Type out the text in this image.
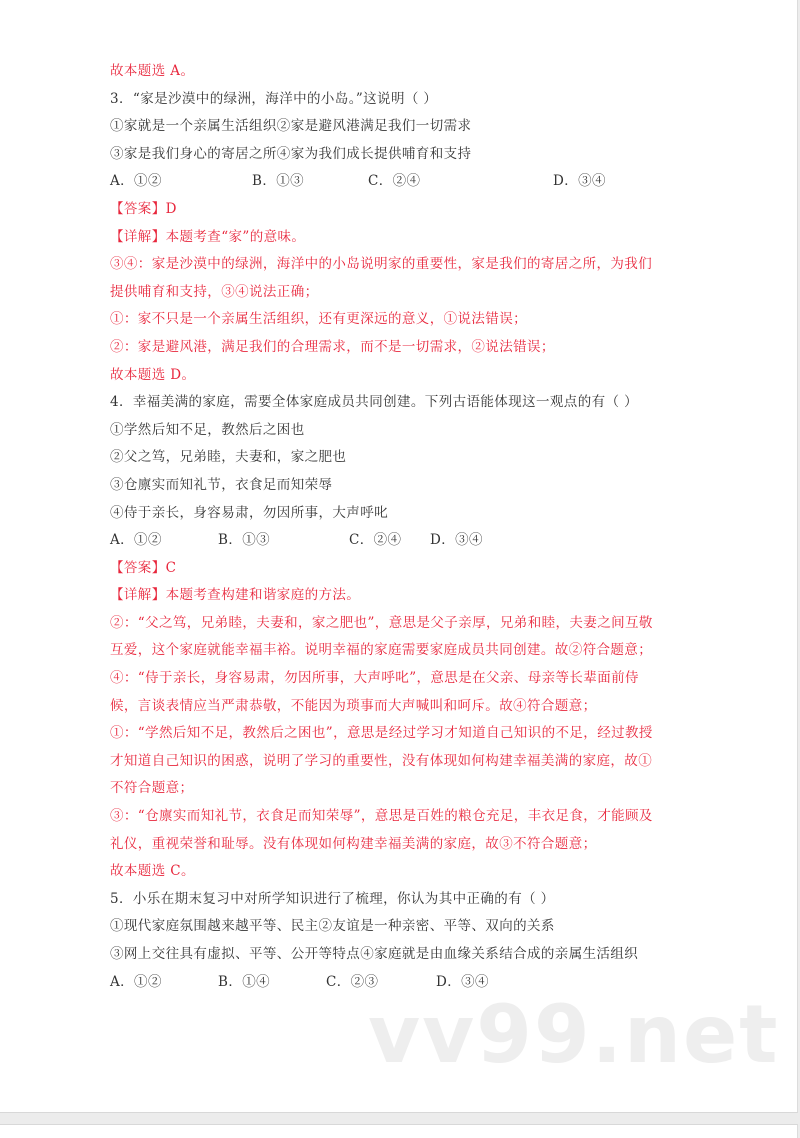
故本题选 A。
3．“家是沙漠中的绿洲，海洋中的小岛。”这说明（ ）
①家就是一个亲属生活组织②家是避风港满足我们一切需求
③家是我们身心的寄居之所④家为我们成长提供哺育和支持
A．①②	B．①③	C．②④	D．③④
【答案】D
【详解】本题考查“家”的意味。
③④：家是沙漠中的绿洲，海洋中的小岛说明家的重要性，家是我们的寄居之所，为我们
提供哺育和支持，③④说法正确；
①：家不只是一个亲属生活组织，还有更深远的意义，①说法错误；
②：家是避风港，满足我们的合理需求，而不是一切需求，②说法错误；
故本题选 D。
4．幸福美满的家庭，需要全体家庭成员共同创建。下列古语能体现这一观点的有（ ）
①学然后知不足，教然后之困也
②父之笃，兄弟睦，夫妻和，家之肥也
③仓廪实而知礼节，衣食足而知荣辱
④侍于亲长，身容易肃，勿因所事，大声呼叱
A．①②	B．①③	C．②④	D．③④
【答案】C
【详解】本题考查构建和谐家庭的方法。
②：“父之笃，兄弟睦，夫妻和，家之肥也”，意思是父子亲厚，兄弟和睦，夫妻之间互敬
互爱，这个家庭就能幸福丰裕。说明幸福的家庭需要家庭成员共同创建。故②符合题意；
④：“侍于亲长，身容易肃，勿因所事，大声呼叱”，意思是在父亲、母亲等长辈面前侍
候，言谈表情应当严肃恭敬，不能因为琐事而大声喊叫和呵斥。故④符合题意；
①：“学然后知不足，教然后之困也”，意思是经过学习才知道自己知识的不足，经过教授
才知道自己知识的困惑，说明了学习的重要性，没有体现如何构建幸福美满的家庭，故①
不符合题意；
③：“仓廪实而知礼节，衣食足而知荣辱”，意思是百姓的粮仓充足，丰衣足食，才能顾及
礼仪，重视荣誉和耻辱。没有体现如何构建幸福美满的家庭，故③不符合题意；
故本题选 C。
5．小乐在期末复习中对所学知识进行了梳理，你认为其中正确的有（ ）
①现代家庭氛围越来越平等、民主②友谊是一种亲密、平等、双向的关系
③网上交往具有虚拟、平等、公开等特点④家庭就是由血缘关系结合成的亲属生活组织
A．①②	B．①④	C．②③	D．③④
vv99.net
